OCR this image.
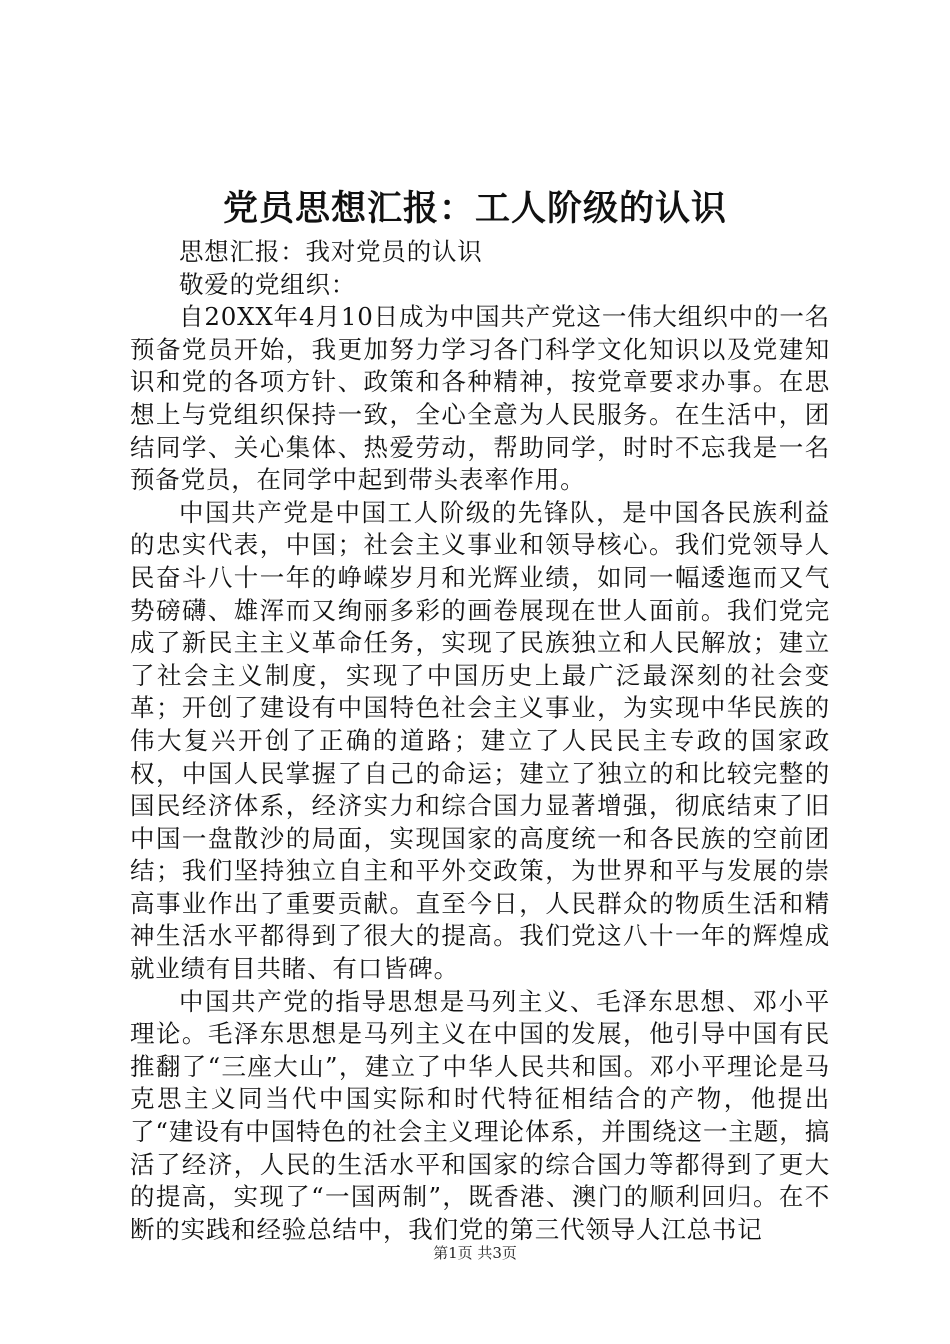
党员思想汇报：工人阶级的认识

思想汇报：我对党员的认识

敬爱的党组织：

自20XX年4月10日成为中国共产党这一伟大组织中的一名预备党员开始，我更加努力学习各门科学文化知识以及党建知识和党的各项方针、政策和各种精神，按党章要求办事。在思想上与党组织保持一致，全心全意为人民服务。在生活中，团结同学、关心集体、热爱劳动，帮助同学，时时不忘我是一名预备党员，在同学中起到带头表率作用。

中国共产党是中国工人阶级的先锋队，是中国各民族利益的忠实代表，中国；社会主义事业和领导核心。我们党领导人民奋斗八十一年的峥嵘岁月和光辉业绩，如同一幅逶迤而又气势磅礴、雄浑而又绚丽多彩的画卷展现在世人面前。我们党完成了新民主主义革命任务，实现了民族独立和人民解放；建立了社会主义制度，实现了中国历史上最广泛最深刻的社会变革；开创了建设有中国特色社会主义事业，为实现中华民族的伟大复兴开创了正确的道路；建立了人民民主专政的国家政权，中国人民掌握了自己的命运；建立了独立的和比较完整的国民经济体系，经济实力和综合国力显著增强，彻底结束了旧中国一盘散沙的局面，实现国家的高度统一和各民族的空前团结；我们坚持独立自主和平外交政策，为世界和平与发展的崇高事业作出了重要贡献。直至今日，人民群众的物质生活和精神生活水平都得到了很大的提高。我们党这八十一年的辉煌成就业绩有目共睹、有口皆碑。

中国共产党的指导思想是马列主义、毛泽东思想、邓小平理论。毛泽东思想是马列主义在中国的发展，他引导中国有民推翻了“三座大山”，建立了中华人民共和国。邓小平理论是马克思主义同当代中国实际和时代特征相结合的产物，他提出了“建设有中国特色的社会主义理论体系，并围绕这一主题，搞活了经济，人民的生活水平和国家的综合国力等都得到了更大的提高，实现了“一国两制”，既香港、澳门的顺利回归。在不断的实践和经验总结中，我们党的第三代领导人江总书记

第1页 共3页
